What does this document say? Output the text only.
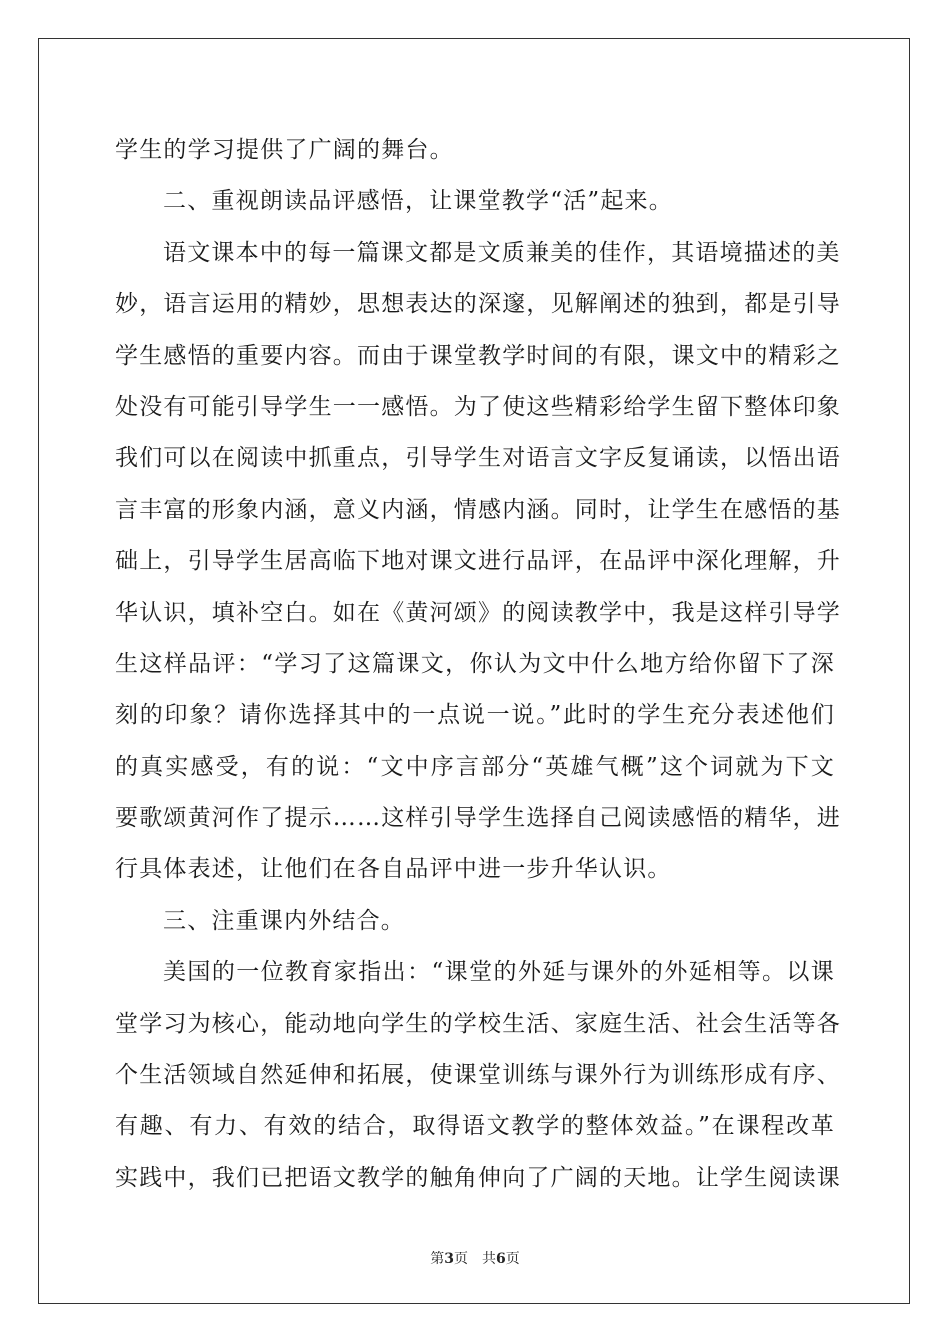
学生的学习提供了广阔的舞台。
二、重视朗读品评感悟，让课堂教学“活”起来。
语文课本中的每一篇课文都是文质兼美的佳作，其语境描述的美
妙，语言运用的精妙，思想表达的深邃，见解阐述的独到，都是引导
学生感悟的重要内容。而由于课堂教学时间的有限，课文中的精彩之
处没有可能引导学生一一感悟。为了使这些精彩给学生留下整体印象
我们可以在阅读中抓重点，引导学生对语言文字反复诵读，以悟出语
言丰富的形象内涵，意义内涵，情感内涵。同时，让学生在感悟的基
础上，引导学生居高临下地对课文进行品评，在品评中深化理解，升
华认识，填补空白。如在《黄河颂》的阅读教学中，我是这样引导学
生这样品评：“学习了这篇课文，你认为文中什么地方给你留下了深
刻的印象？请你选择其中的一点说一说。”此时的学生充分表述他们
的真实感受，有的说：“文中序言部分“英雄气概”这个词就为下文
要歌颂黄河作了提示……这样引导学生选择自己阅读感悟的精华，进
行具体表述，让他们在各自品评中进一步升华认识。
三、注重课内外结合。
美国的一位教育家指出：“课堂的外延与课外的外延相等。以课
堂学习为核心，能动地向学生的学校生活、家庭生活、社会生活等各
个生活领域自然延伸和拓展，使课堂训练与课外行为训练形成有序、
有趣、有力、有效的结合，取得语文教学的整体效益。”在课程改革
实践中，我们已把语文教学的触角伸向了广阔的天地。让学生阅读课
第3页 共6页
